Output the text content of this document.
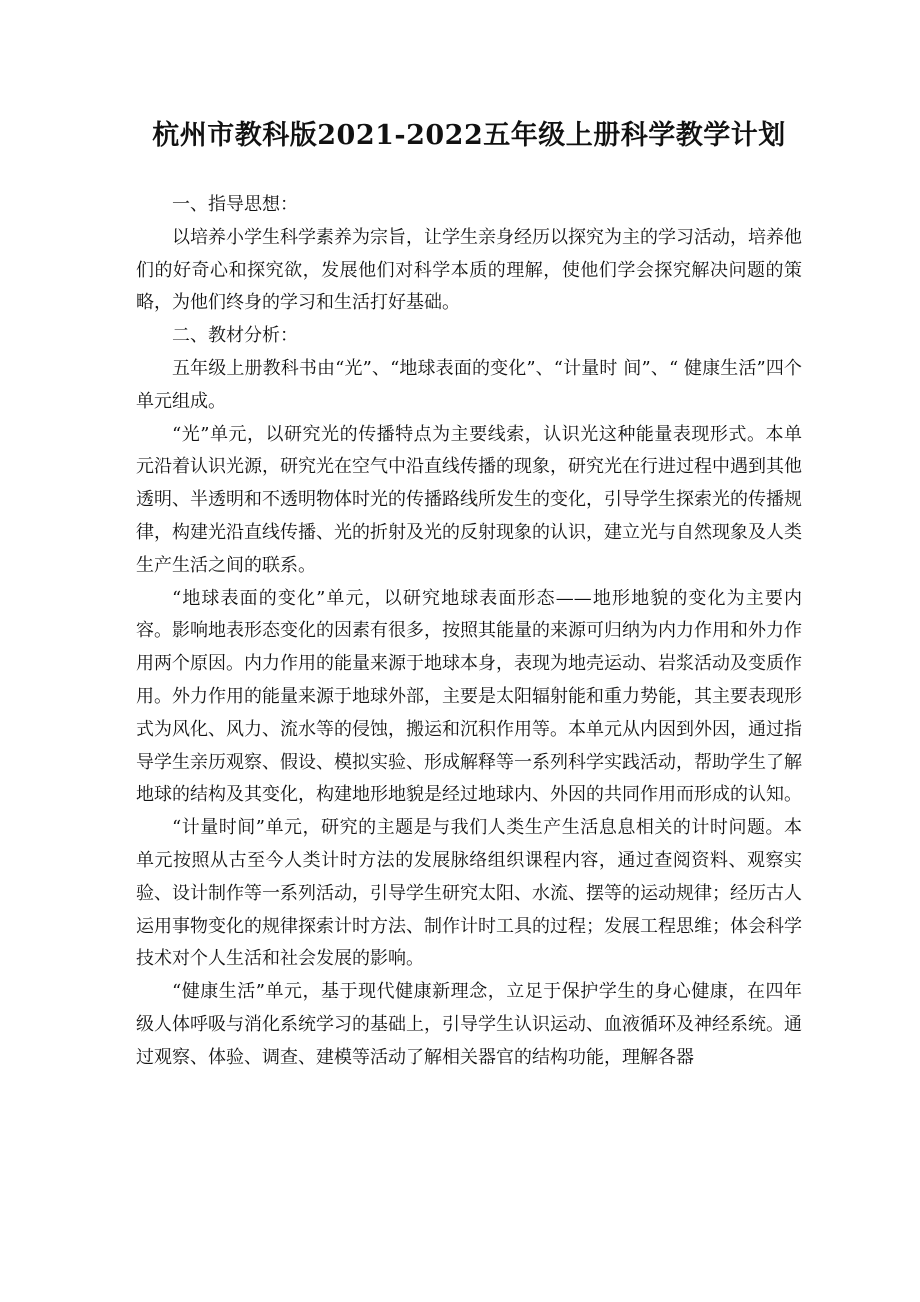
杭州市教科版2021-2022五年级上册科学教学计划

一、指导思想：

以培养小学生科学素养为宗旨，让学生亲身经历以探究为主的学习活动，培养他们的好奇心和探究欲，发展他们对科学本质的理解，使他们学会探究解决问题的策略，为他们终身的学习和生活打好基础。

二、教材分析：

五年级上册教科书由“光”、“地球表面的变化”、“计量时 间”、“ 健康生活”四个单元组成。

“光”单元，以研究光的传播特点为主要线索，认识光这种能量表现形式。本单元沿着认识光源，研究光在空气中沿直线传播的现象，研究光在行进过程中遇到其他透明、半透明和不透明物体时光的传播路线所发生的变化，引导学生探索光的传播规律，构建光沿直线传播、光的折射及光的反射现象的认识，建立光与自然现象及人类生产生活之间的联系。

“地球表面的变化”单元，以研究地球表面形态——地形地貌的变化为主要内容。影响地表形态变化的因素有很多，按照其能量的来源可归纳为内力作用和外力作用两个原因。内力作用的能量来源于地球本身，表现为地壳运动、岩浆活动及变质作用。外力作用的能量来源于地球外部，主要是太阳辐射能和重力势能，其主要表现形式为风化、风力、流水等的侵蚀，搬运和沉积作用等。本单元从内因到外因，通过指导学生亲历观察、假设、模拟实验、形成解释等一系列科学实践活动，帮助学生了解地球的结构及其变化，构建地形地貌是经过地球内、外因的共同作用而形成的认知。

“计量时间”单元，研究的主题是与我们人类生产生活息息相关的计时问题。本单元按照从古至今人类计时方法的发展脉络组织课程内容，通过查阅资料、观察实验、设计制作等一系列活动，引导学生研究太阳、水流、摆等的运动规律；经历古人运用事物变化的规律探索计时方法、制作计时工具的过程；发展工程思维；体会科学技术对个人生活和社会发展的影响。

“健康生活”单元，基于现代健康新理念，立足于保护学生的身心健康，在四年级人体呼吸与消化系统学习的基础上，引导学生认识运动、血液循环及神经系统。通过观察、体验、调查、建模等活动了解相关器官的结构功能，理解各器
